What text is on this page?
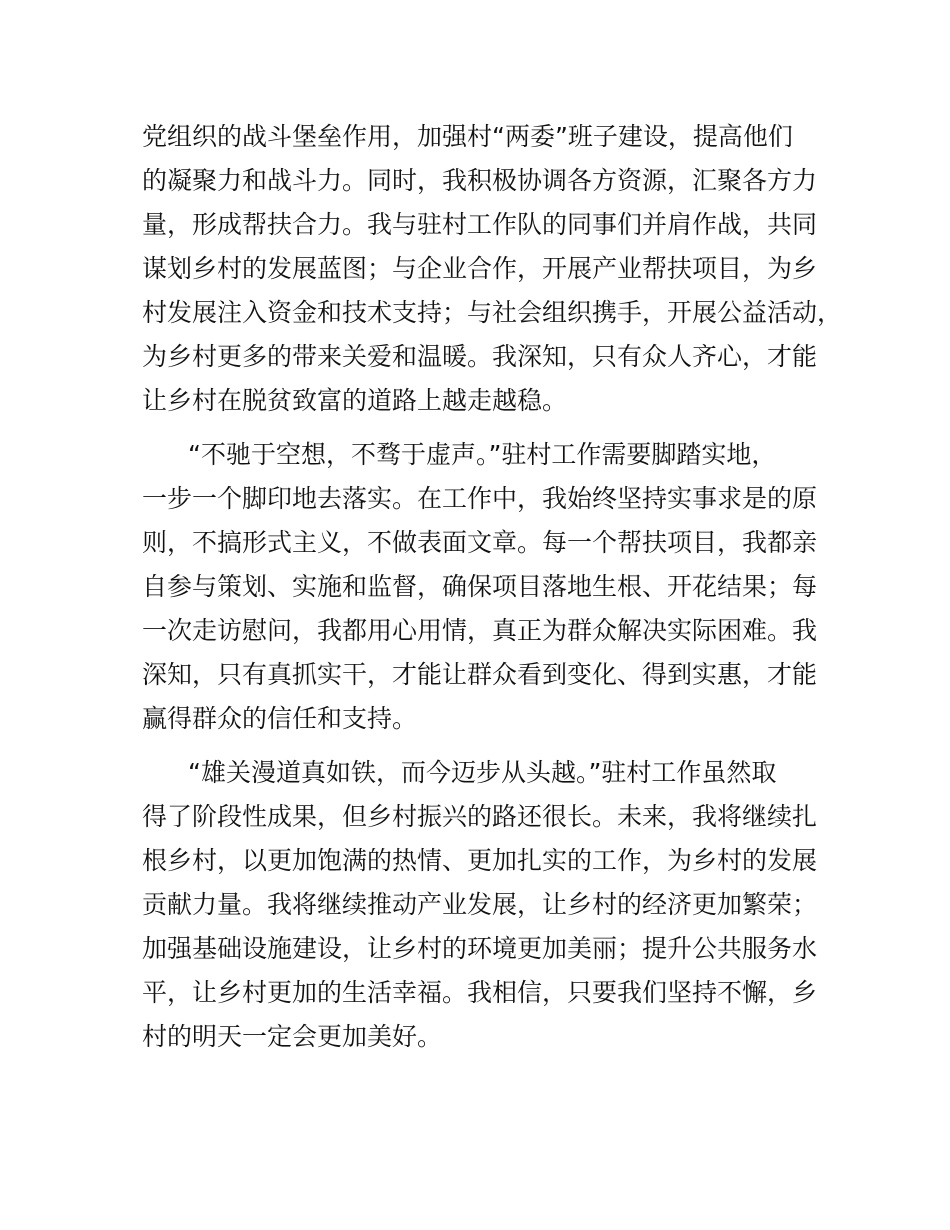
党组织的战斗堡垒作用，加强村“两委”班子建设，提高他们
的凝聚力和战斗力。同时，我积极协调各方资源，汇聚各方力
量，形成帮扶合力。我与驻村工作队的同事们并肩作战，共同
谋划乡村的发展蓝图；与企业合作，开展产业帮扶项目，为乡
村发展注入资金和技术支持；与社会组织携手，开展公益活动，
为乡村更多的带来关爱和温暖。我深知，只有众人齐心，才能
让乡村在脱贫致富的道路上越走越稳。
“不驰于空想，不骛于虚声。”驻村工作需要脚踏实地，
一步一个脚印地去落实。在工作中，我始终坚持实事求是的原
则，不搞形式主义，不做表面文章。每一个帮扶项目，我都亲
自参与策划、实施和监督，确保项目落地生根、开花结果；每
一次走访慰问，我都用心用情，真正为群众解决实际困难。我
深知，只有真抓实干，才能让群众看到变化、得到实惠，才能
赢得群众的信任和支持。
“雄关漫道真如铁，而今迈步从头越。”驻村工作虽然取
得了阶段性成果，但乡村振兴的路还很长。未来，我将继续扎
根乡村，以更加饱满的热情、更加扎实的工作，为乡村的发展
贡献力量。我将继续推动产业发展，让乡村的经济更加繁荣；
加强基础设施建设，让乡村的环境更加美丽；提升公共服务水
平，让乡村更加的生活幸福。我相信，只要我们坚持不懈，乡
村的明天一定会更加美好。
